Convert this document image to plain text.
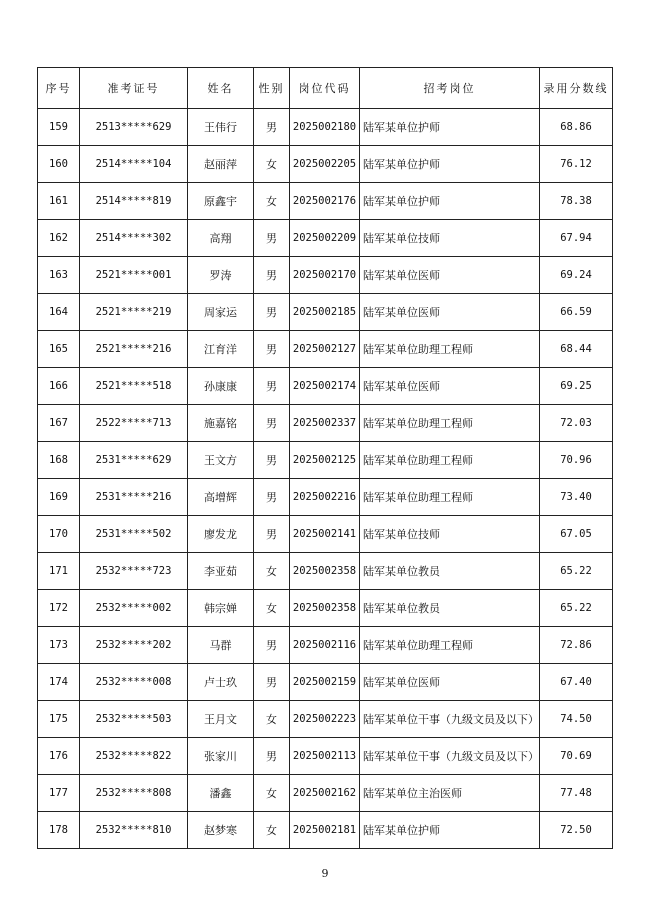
序号	准考证号	姓名	性别	岗位代码	招考岗位	录用分数线
159	2513*****629	王伟行	男	2025002180	陆军某单位护师	68.86
160	2514*****104	赵丽萍	女	2025002205	陆军某单位护师	76.12
161	2514*****819	原鑫宇	女	2025002176	陆军某单位护师	78.38
162	2514*****302	高翔	男	2025002209	陆军某单位技师	67.94
163	2521*****001	罗涛	男	2025002170	陆军某单位医师	69.24
164	2521*****219	周家运	男	2025002185	陆军某单位医师	66.59
165	2521*****216	江育洋	男	2025002127	陆军某单位助理工程师	68.44
166	2521*****518	孙康康	男	2025002174	陆军某单位医师	69.25
167	2522*****713	施嘉铭	男	2025002337	陆军某单位助理工程师	72.03
168	2531*****629	王文方	男	2025002125	陆军某单位助理工程师	70.96
169	2531*****216	高增辉	男	2025002216	陆军某单位助理工程师	73.40
170	2531*****502	廖发龙	男	2025002141	陆军某单位技师	67.05
171	2532*****723	李亚茹	女	2025002358	陆军某单位教员	65.22
172	2532*****002	韩宗婵	女	2025002358	陆军某单位教员	65.22
173	2532*****202	马群	男	2025002116	陆军某单位助理工程师	72.86
174	2532*****008	卢士玖	男	2025002159	陆军某单位医师	67.40
175	2532*****503	王月文	女	2025002223	陆军某单位干事（九级文员及以下）	74.50
176	2532*****822	张家川	男	2025002113	陆军某单位干事（九级文员及以下）	70.69
177	2532*****808	潘鑫	女	2025002162	陆军某单位主治医师	77.48
178	2532*****810	赵梦寒	女	2025002181	陆军某单位护师	72.50
9
